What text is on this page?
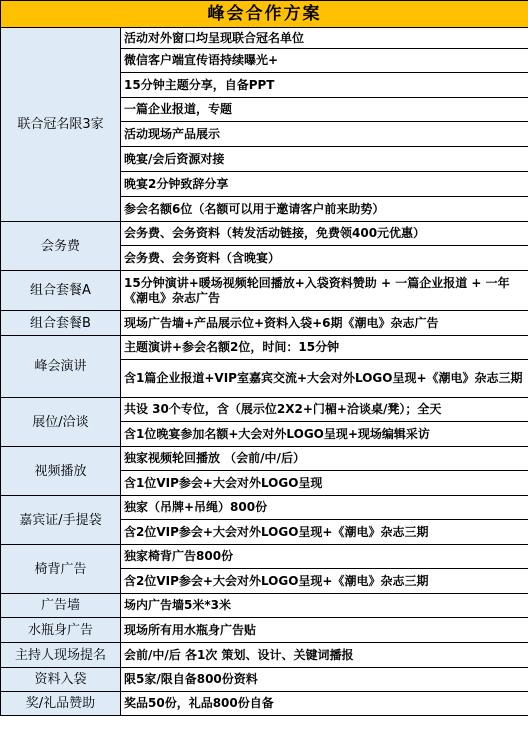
峰会合作方案	
联合冠名限3家	活动对外窗口均呈现联合冠名单位
	微信客户端宣传语持续曝光+
	15分钟主题分享，自备PPT
	一篇企业报道，专题
	活动现场产品展示
	晚宴/会后资源对接
	晚宴2分钟致辞分享
	参会名额6位（名额可以用于邀请客户前来助势）
会务费	会务费、会务资料（转发活动链接，免费领400元优惠）
	会务费、会务资料（含晚宴）
组合套餐A	15分钟演讲+暖场视频轮回播放+入袋资料赞助 + 一篇企业报道 + 一年《潮电》杂志广告
组合套餐B	现场广告墙+产品展示位+资料入袋+6期《潮电》杂志广告
峰会演讲	主题演讲+参会名额2位，时间：15分钟
	含1篇企业报道+VIP室嘉宾交流+大会对外LOGO呈现+《潮电》杂志三期
展位/洽谈	共设 30个专位，含（展示位2X2+门楣+洽谈桌/凳）；全天
	含1位晚宴参加名额+大会对外LOGO呈现+现场编辑采访
视频播放	独家视频轮回播放 （会前/中/后）
	含1位VIP参会+大会对外LOGO呈现
嘉宾证/手提袋	独家（吊牌+吊绳）800份
	含2位VIP参会+大会对外LOGO呈现+《潮电》杂志三期
椅背广告	独家椅背广告800份
	含2位VIP参会+大会对外LOGO呈现+《潮电》杂志三期
广告墙	场内广告墙5米*3米
水瓶身广告	现场所有用水瓶身广告贴
主持人现场提名	会前/中/后 各1次 策划、设计、关键词播报
资料入袋	限5家/限自备800份资料
奖/礼品赞助	奖品50份，礼品800份自备
